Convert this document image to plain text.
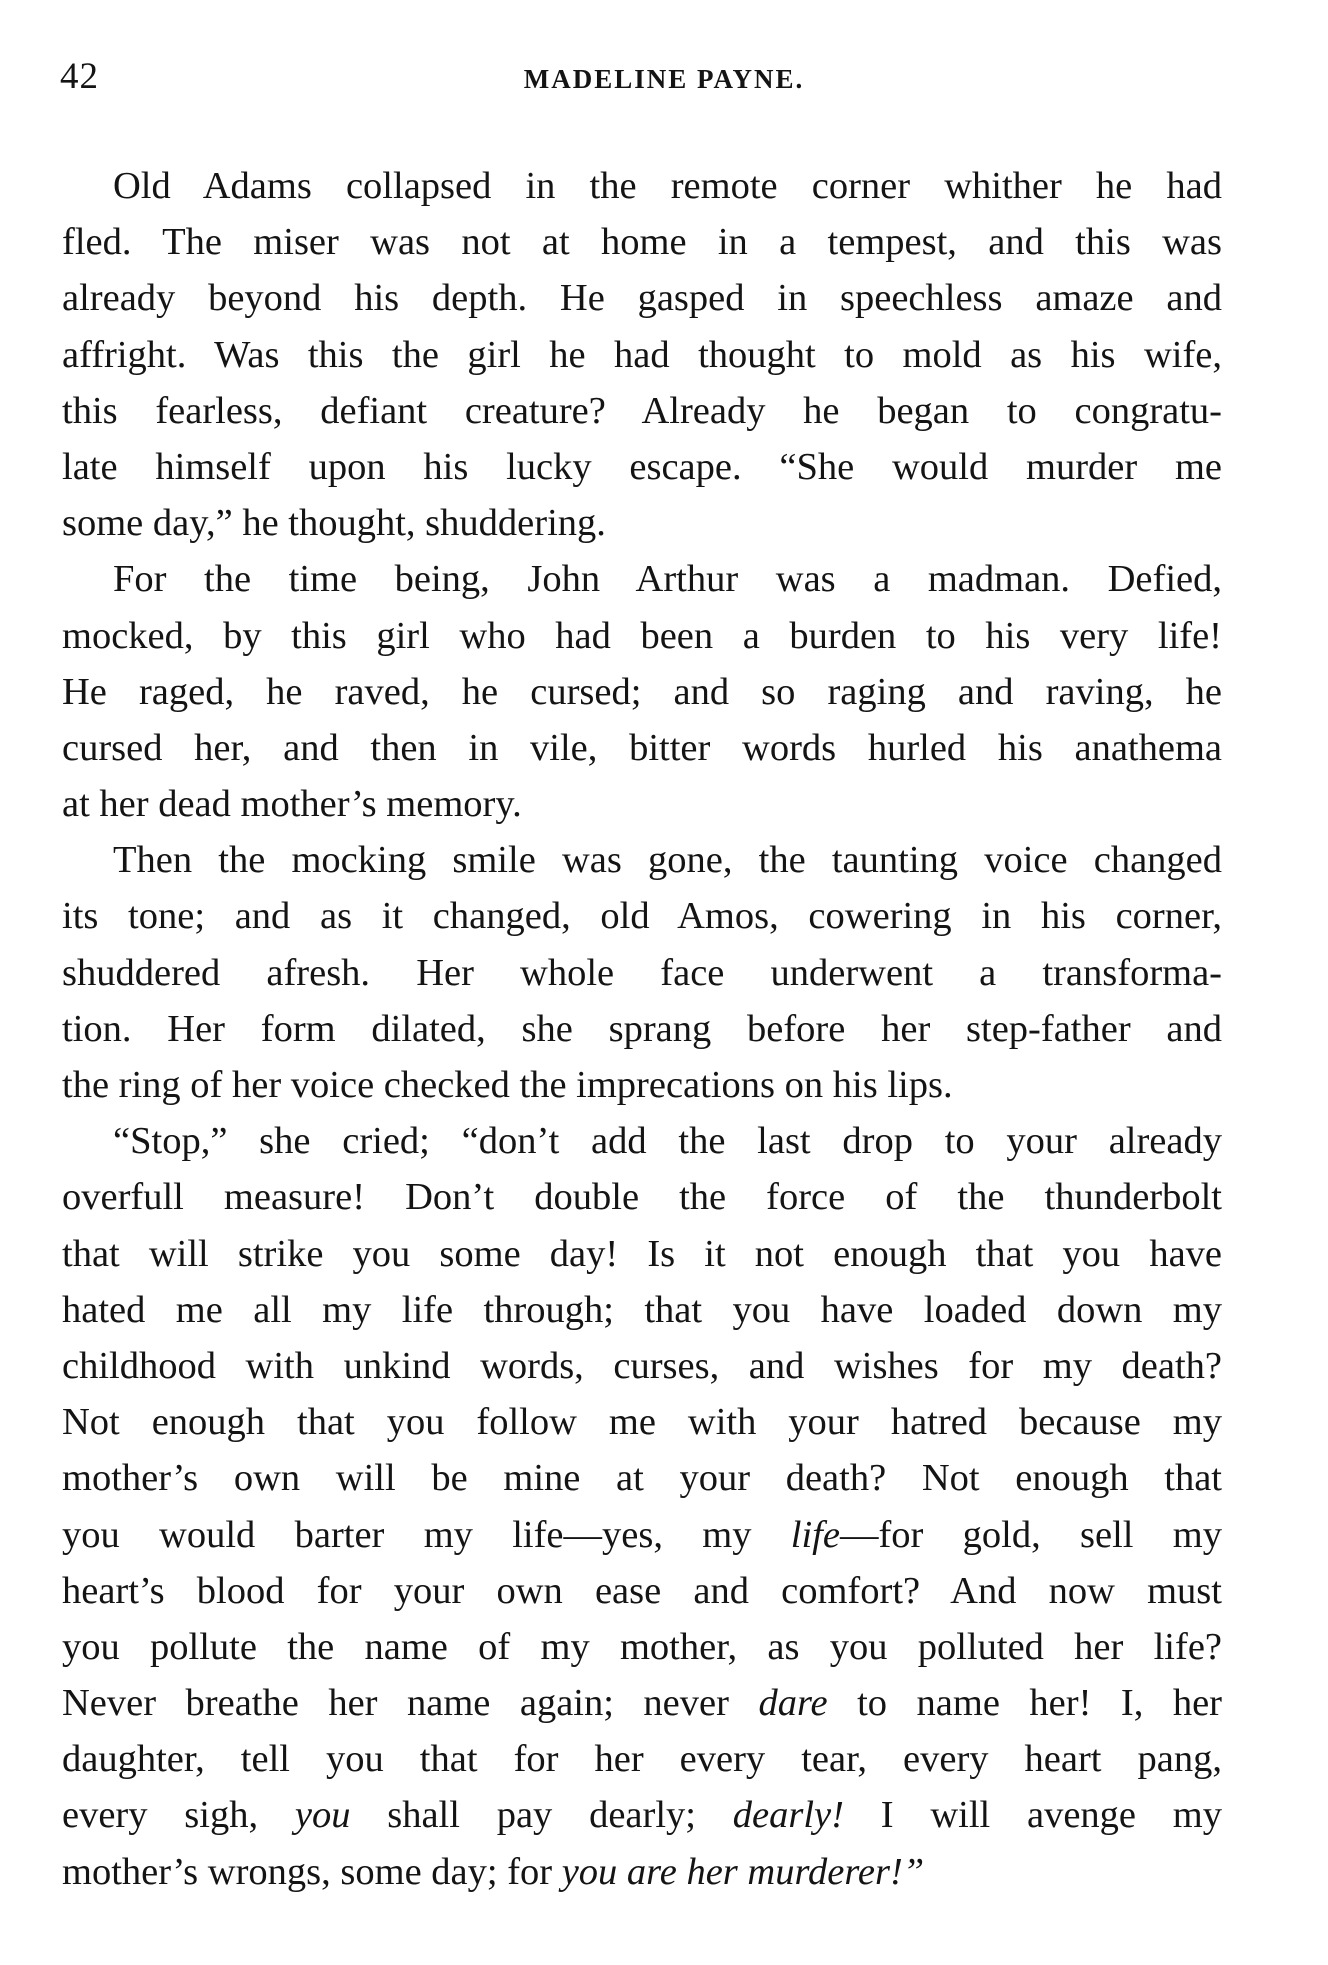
42	MADELINE PAYNE.
Old Adams collapsed in the remote corner whither he had
fled. The miser was not at home in a tempest, and this was
already beyond his depth. He gasped in speechless amaze and
affright. Was this the girl he had thought to mold as his wife,
this fearless, defiant creature? Already he began to congratu-
late himself upon his lucky escape. “She would murder me
some day,” he thought, shuddering.
For the time being, John Arthur was a madman. Defied,
mocked, by this girl who had been a burden to his very life!
He raged, he raved, he cursed; and so raging and raving, he
cursed her, and then in vile, bitter words hurled his anathema
at her dead mother’s memory.
Then the mocking smile was gone, the taunting voice changed
its tone; and as it changed, old Amos, cowering in his corner,
shuddered afresh. Her whole face underwent a transforma-
tion. Her form dilated, she sprang before her step-father and
the ring of her voice checked the imprecations on his lips.
“Stop,” she cried; “don’t add the last drop to your already
overfull measure! Don’t double the force of the thunderbolt
that will strike you some day! Is it not enough that you have
hated me all my life through; that you have loaded down my
childhood with unkind words, curses, and wishes for my death?
Not enough that you follow me with your hatred because my
mother’s own will be mine at your death? Not enough that
you would barter my life—yes, my life—for gold, sell my
heart’s blood for your own ease and comfort? And now must
you pollute the name of my mother, as you polluted her life?
Never breathe her name again; never dare to name her! I, her
daughter, tell you that for her every tear, every heart pang,
every sigh, you shall pay dearly; dearly! I will avenge my
mother’s wrongs, some day; for you are her murderer!”
